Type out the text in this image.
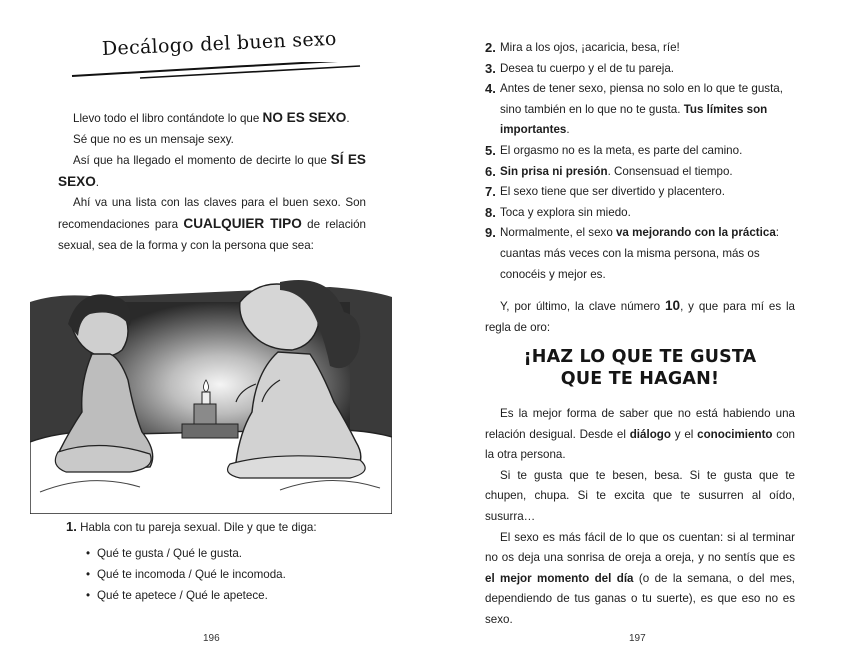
Decálogo del buen sexo

Llevo todo el libro contándote lo que NO ES SEXO.

Sé que no es un mensaje sexy.

Así que ha llegado el momento de decirte lo que SÍ ES SEXO.

Ahí va una lista con las claves para el buen sexo. Son recomendaciones para CUALQUIER TIPO de relación sexual, sea de la forma y con la persona que sea:

1. Habla con tu pareja sexual. Dile y que te diga:
• Qué te gusta / Qué le gusta.
• Qué te incomoda / Qué le incomoda.
• Qué te apetece / Qué le apetece.
196
2. Mira a los ojos, ¡acaricia, besa, ríe!
3. Desea tu cuerpo y el de tu pareja.
4. Antes de tener sexo, piensa no solo en lo que te gusta, sino también en lo que no te gusta. Tus límites son importantes.
5. El orgasmo no es la meta, es parte del camino.
6. Sin prisa ni presión. Consensuad el tiempo.
7. El sexo tiene que ser divertido y placentero.
8. Toca y explora sin miedo.
9. Normalmente, el sexo va mejorando con la práctica: cuantas más veces con la misma persona, más os conocéis y mejor es.

Y, por último, la clave número 10, y que para mí es la regla de oro:

¡HAZ LO QUE TE GUSTA
QUE TE HAGAN!

Es la mejor forma de saber que no está habiendo una relación desigual. Desde el diálogo y el conocimiento con la otra persona.

Si te gusta que te besen, besa. Si te gusta que te chupen, chupa. Si te excita que te susurren al oído, susurra…

El sexo es más fácil de lo que os cuentan: si al terminar no os deja una sonrisa de oreja a oreja, y no sentís que es el mejor momento del día (o de la semana, o del mes, dependiendo de tus ganas o tu suerte), es que eso no es sexo.

197
